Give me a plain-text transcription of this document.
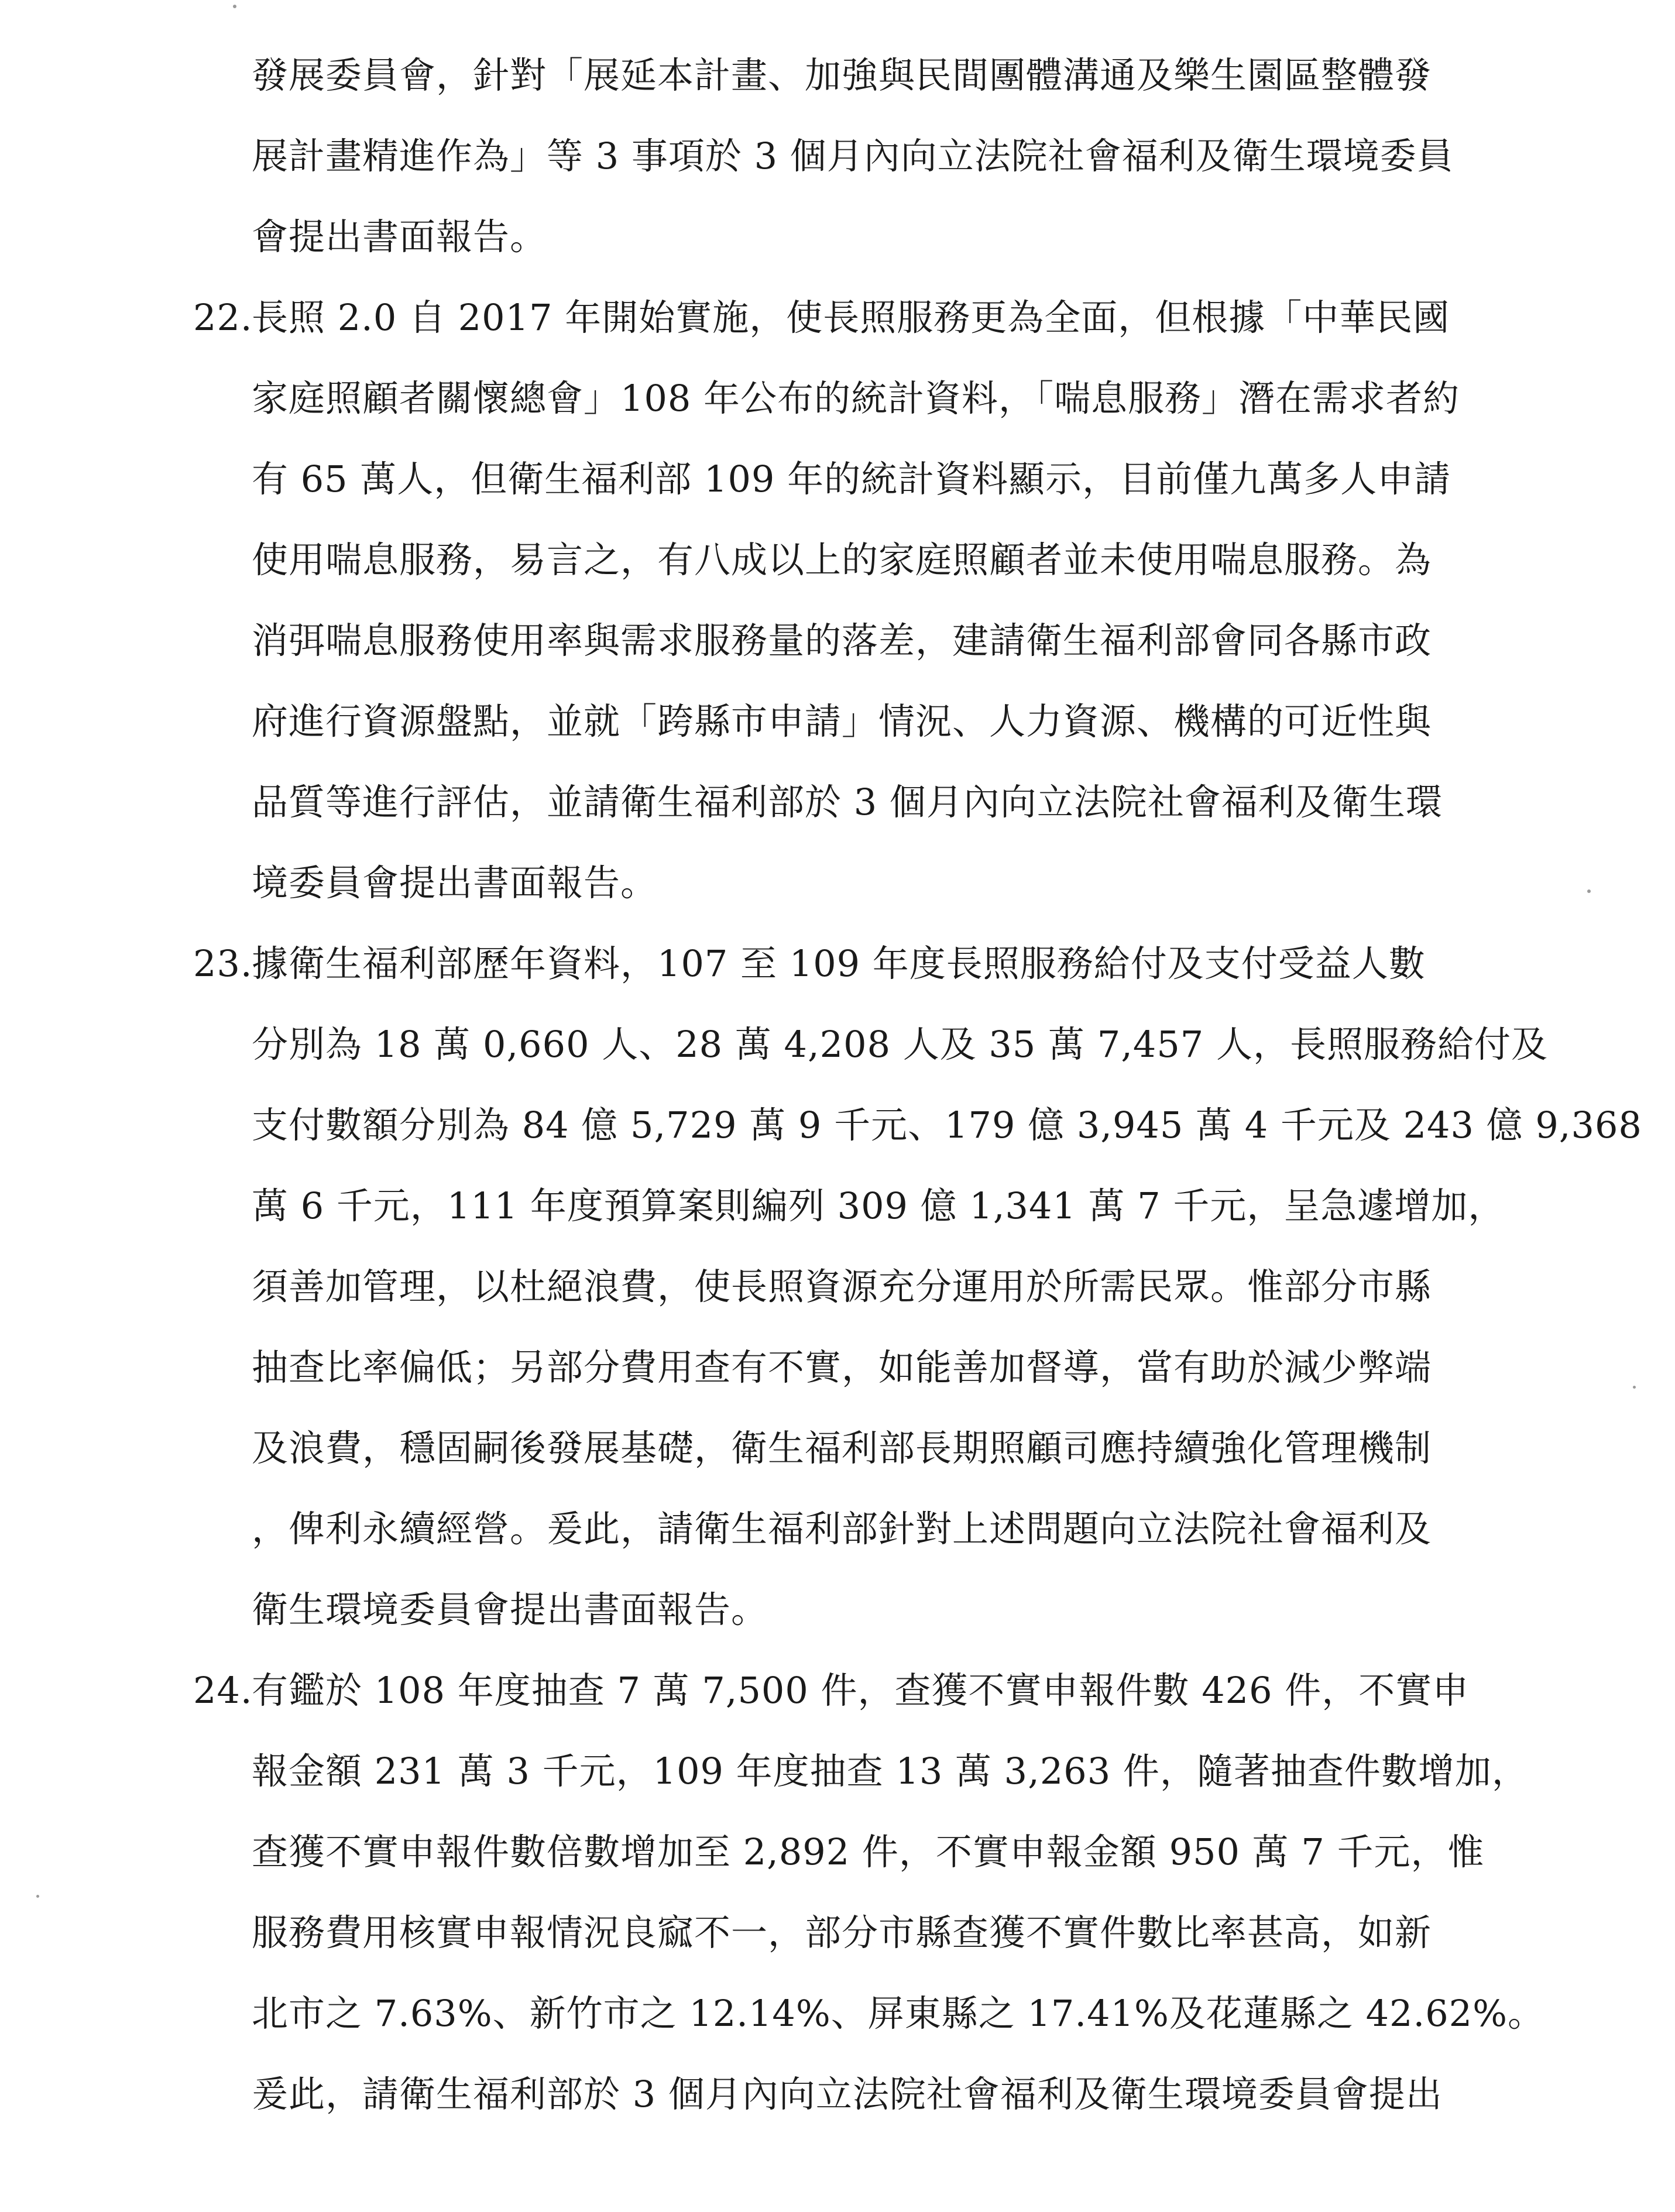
發展委員會，針對「展延本計畫、加強與民間團體溝通及樂生園區整體發
展計畫精進作為」等 3 事項於 3 個月內向立法院社會福利及衛生環境委員
會提出書面報告。
22.
長照 2.0 自 2017 年開始實施，使長照服務更為全面，但根據「中華民國
家庭照顧者關懷總會」108 年公布的統計資料，「喘息服務」潛在需求者約
有 65 萬人，但衛生福利部 109 年的統計資料顯示，目前僅九萬多人申請
使用喘息服務，易言之，有八成以上的家庭照顧者並未使用喘息服務。為
消弭喘息服務使用率與需求服務量的落差，建請衛生福利部會同各縣市政
府進行資源盤點，並就「跨縣市申請」情況、人力資源、機構的可近性與
品質等進行評估，並請衛生福利部於 3 個月內向立法院社會福利及衛生環
境委員會提出書面報告。
23.
據衛生福利部歷年資料，107 至 109 年度長照服務給付及支付受益人數
分別為 18 萬 0,660 人、28 萬 4,208 人及 35 萬 7,457 人，長照服務給付及
支付數額分別為 84 億 5,729 萬 9 千元、179 億 3,945 萬 4 千元及 243 億 9,368
萬 6 千元，111 年度預算案則編列 309 億 1,341 萬 7 千元，呈急遽增加，
須善加管理，以杜絕浪費，使長照資源充分運用於所需民眾。惟部分市縣
抽查比率偏低；另部分費用查有不實，如能善加督導，當有助於減少弊端
及浪費，穩固嗣後發展基礎，衛生福利部長期照顧司應持續強化管理機制
，俾利永續經營。爰此，請衛生福利部針對上述問題向立法院社會福利及
衛生環境委員會提出書面報告。
24.
有鑑於 108 年度抽查 7 萬 7,500 件，查獲不實申報件數 426 件，不實申
報金額 231 萬 3 千元，109 年度抽查 13 萬 3,263 件，隨著抽查件數增加，
查獲不實申報件數倍數增加至 2,892 件，不實申報金額 950 萬 7 千元，惟
服務費用核實申報情況良窳不一，部分市縣查獲不實件數比率甚高，如新
北市之 7.63%、新竹市之 12.14%、屏東縣之 17.41%及花蓮縣之 42.62%。
爰此，請衛生福利部於 3 個月內向立法院社會福利及衛生環境委員會提出
